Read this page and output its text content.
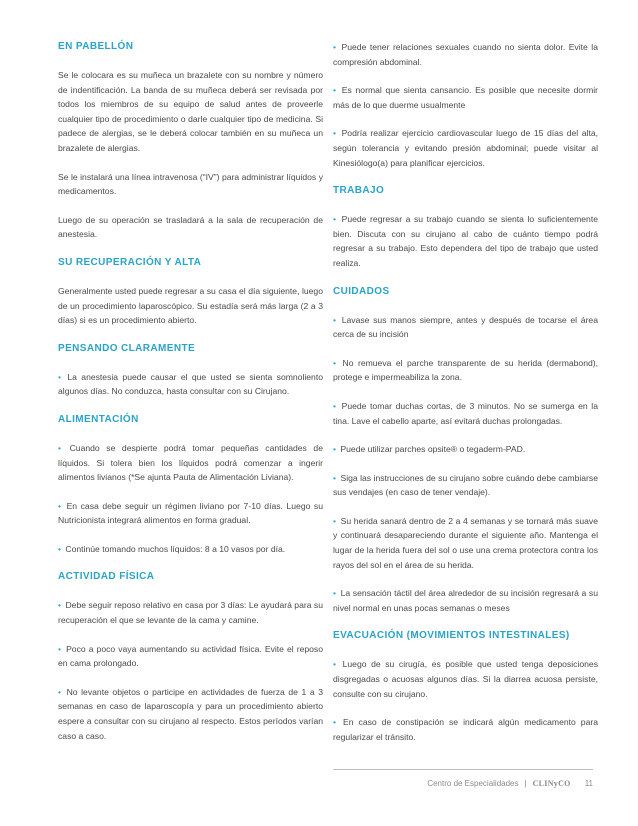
EN PABELLÓN
Se le colocara es su muñeca un brazalete con su nombre y número de indentificación. La banda de su muñeca deberá ser revisada por todos los miembros de su equipo de salud antes de proveerle cualquier tipo de procedimiento o darle cualquier tipo de medicina. Si padece de alergias, se le deberá colocar también en su muñeca un brazalete de alergias.
Se le instalará una línea intravenosa (“IV”) para administrar líquidos y medicamentos.
Luego de su operación se trasladará a la sala de recuperación de anestesia.
SU RECUPERACIÓN Y ALTA
Generalmente usted puede regresar a su casa el día siguiente, luego de un procedimiento laparoscópico. Su estadía será más larga (2 a 3 días) si es un procedimiento abierto.
PENSANDO CLARAMENTE
• La anestesia puede causar el que usted se sienta somnoliento algunos días. No conduzca, hasta consultar con su Cirujano.
ALIMENTACIÓN
• Cuando se despierte podrá tomar pequeñas cantidades de líquidos. Si tolera bien los líquidos podrá comenzar a ingerir alimentos livianos (*Se ajunta Pauta de Alimentación Liviana).
• En casa debe seguir un régimen liviano por 7-10 días. Luego su Nutricionista integrará alimentos en forma gradual.
• Continúe tomando muchos líquidos: 8 a 10 vasos por día.
ACTIVIDAD FÍSICA
• Debe seguir reposo relativo en casa por 3 días: Le ayudará para su recuperación el que se levante de la cama y camine.
• Poco a poco vaya aumentando su actividad física. Evite el reposo en cama prolongado.
• No levante objetos o participe en actividades de fuerza de 1 a 3 semanas en caso de laparoscopía y para un procedimiento abierto espere a consultar con su cirujano al respecto. Estos períodos varían caso a caso.
• Puede tener relaciones sexuales cuando no sienta dolor. Evite la compresión abdominal.
• Es normal que sienta cansancio. Es posible que necesite dormir más de lo que duerme usualmente
• Podría realizar ejercicio cardiovascular luego de 15 días del alta, según tolerancia y evitando presión abdominal; puede visitar al Kinesiólogo(a) para planificar ejercicios.
TRABAJO
• Puede regresar a su trabajo cuando se sienta lo suficientemente bien. Discuta con su cirujano al cabo de cuánto tiempo podrá regresar a su trabajo. Esto dependera del tipo de trabajo que usted realiza.
CUIDADOS
• Lavase sus manos siempre, antes y después de tocarse el área cerca de su incisión
• No remueva el parche transparente de su herida (dermabond), protege e impermeabiliza la zona.
• Puede tomar duchas cortas, de 3 minutos. No se sumerga en la tina. Lave el cabello aparte, así evitará duchas prolongadas.
• Puede utilizar parches opsite® o tegaderm-PAD.
• Siga las instrucciones de su cirujano sobre cuándo debe cambiarse sus vendajes (en caso de tener vendaje).
• Su herida sanará dentro de 2 a 4 semanas y se tornará más suave y continuará desapareciendo durante el siguiente año. Mantenga el lugar de la herida fuera del sol o use una crema protectora contra los rayos del sol en el área de su herida.
• La sensación táctil del área alrededor de su incisión regresará a su nivel normal en unas pocas semanas o meses
EVACUACIÓN (MOVIMIENTOS INTESTINALES)
• Luego de su cirugía, es posible que usted tenga deposiciones disgregadas o acuosas algunos días. Si la diarrea acuosa persiste, consulte con su cirujano.
• En caso de constipación se indicará algún medicamento para regularizar el tránsito.
Centro de Especialidades | CLINyCO 11
